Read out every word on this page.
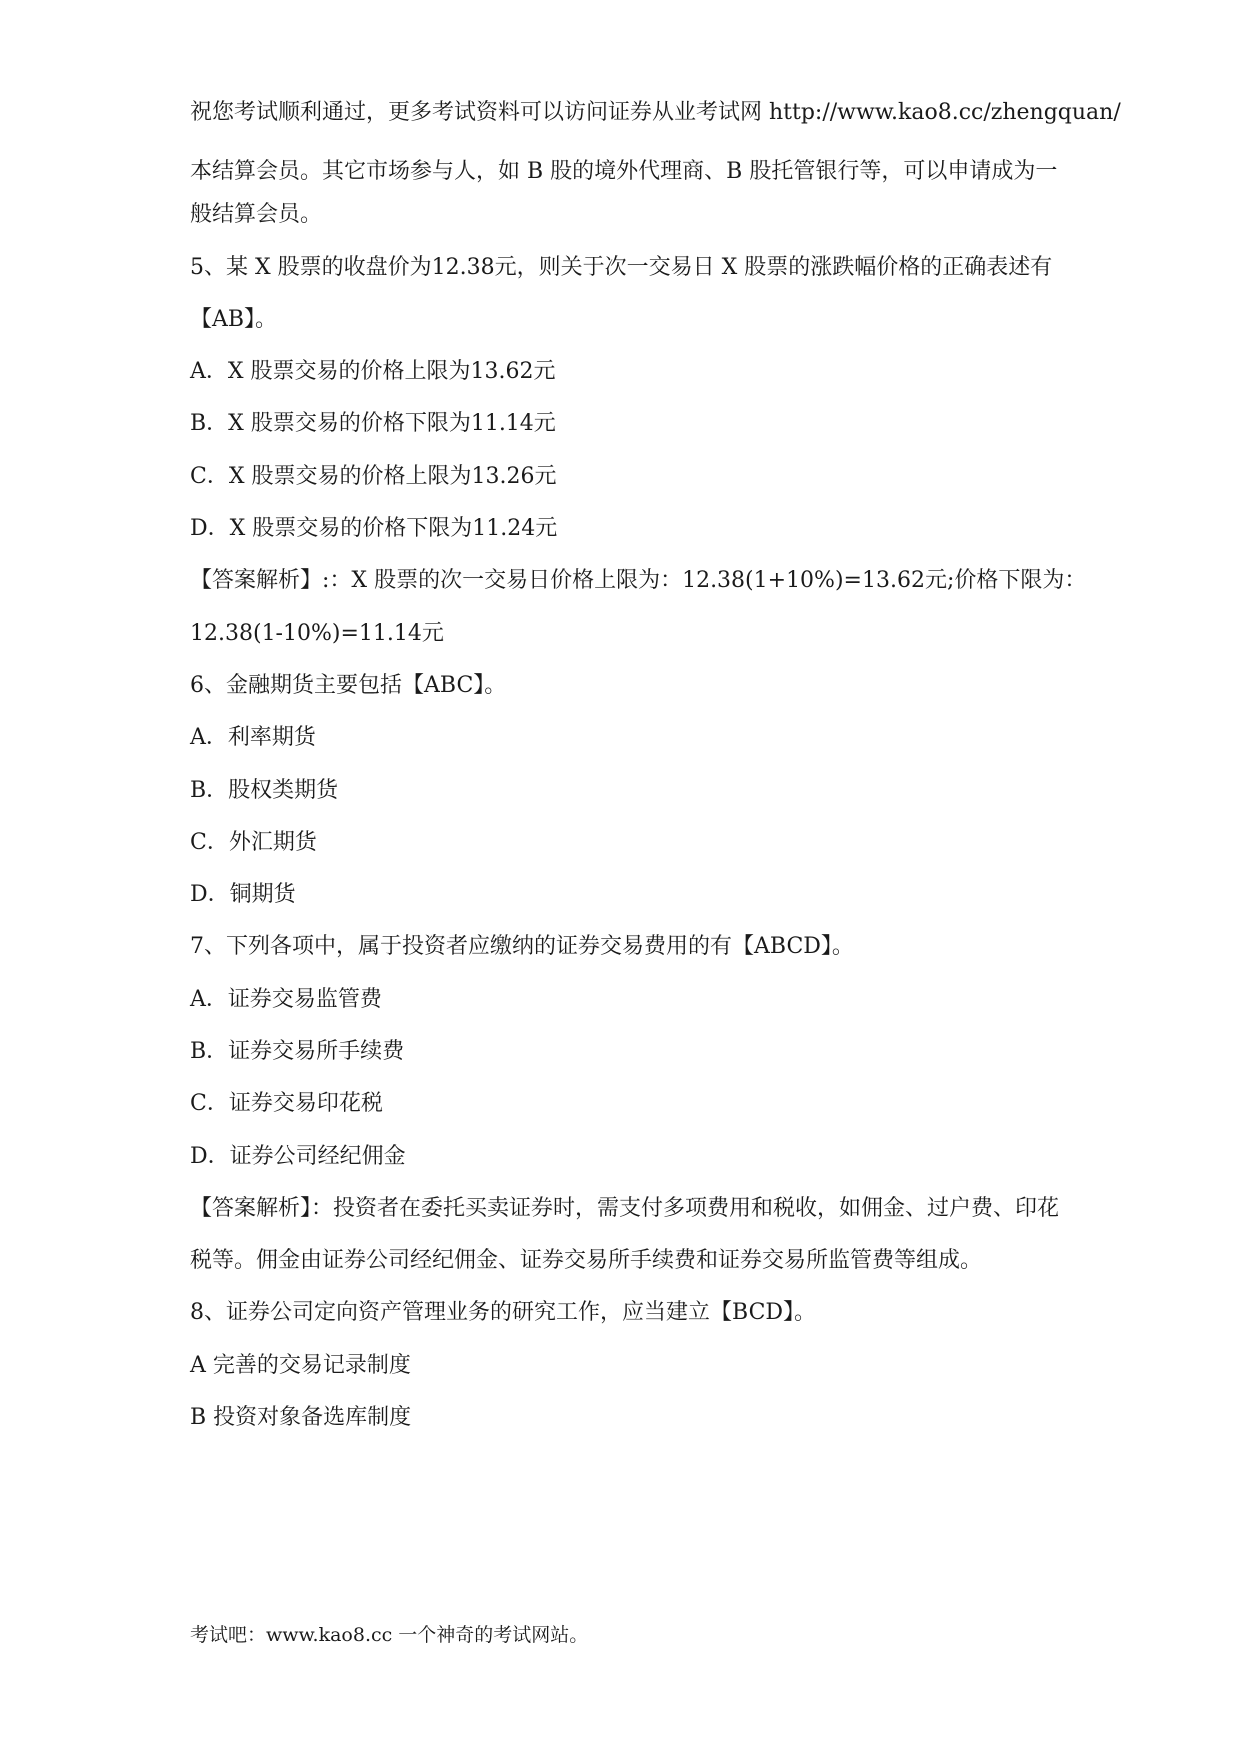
祝您考试顺利通过，更多考试资料可以访问证券从业考试网 http://www.kao8.cc/zhengquan/
本结算会员。其它市场参与人，如 B 股的境外代理商、B 股托管银行等，可以申请成为一
般结算会员。
5、某 X 股票的收盘价为12.38元，则关于次一交易日 X 股票的涨跌幅价格的正确表述有
【AB】。
A．X 股票交易的价格上限为13.62元
B．X 股票交易的价格下限为11.14元
C．X 股票交易的价格上限为13.26元
D．X 股票交易的价格下限为11.24元
【答案解析】:：X 股票的次一交易日价格上限为：12.38(1+10%)=13.62元;价格下限为：
12.38(1-10%)=11.14元
6、金融期货主要包括【ABC】。
A．利率期货
B．股权类期货
C．外汇期货
D．铜期货
7、下列各项中，属于投资者应缴纳的证券交易费用的有【ABCD】。
A．证券交易监管费
B．证券交易所手续费
C．证券交易印花税
D．证券公司经纪佣金
【答案解析】：投资者在委托买卖证券时，需支付多项费用和税收，如佣金、过户费、印花
税等。佣金由证券公司经纪佣金、证券交易所手续费和证券交易所监管费等组成。
8、证券公司定向资产管理业务的研究工作，应当建立【BCD】。
A 完善的交易记录制度
B 投资对象备选库制度
考试吧：www.kao8.cc 一个神奇的考试网站。
